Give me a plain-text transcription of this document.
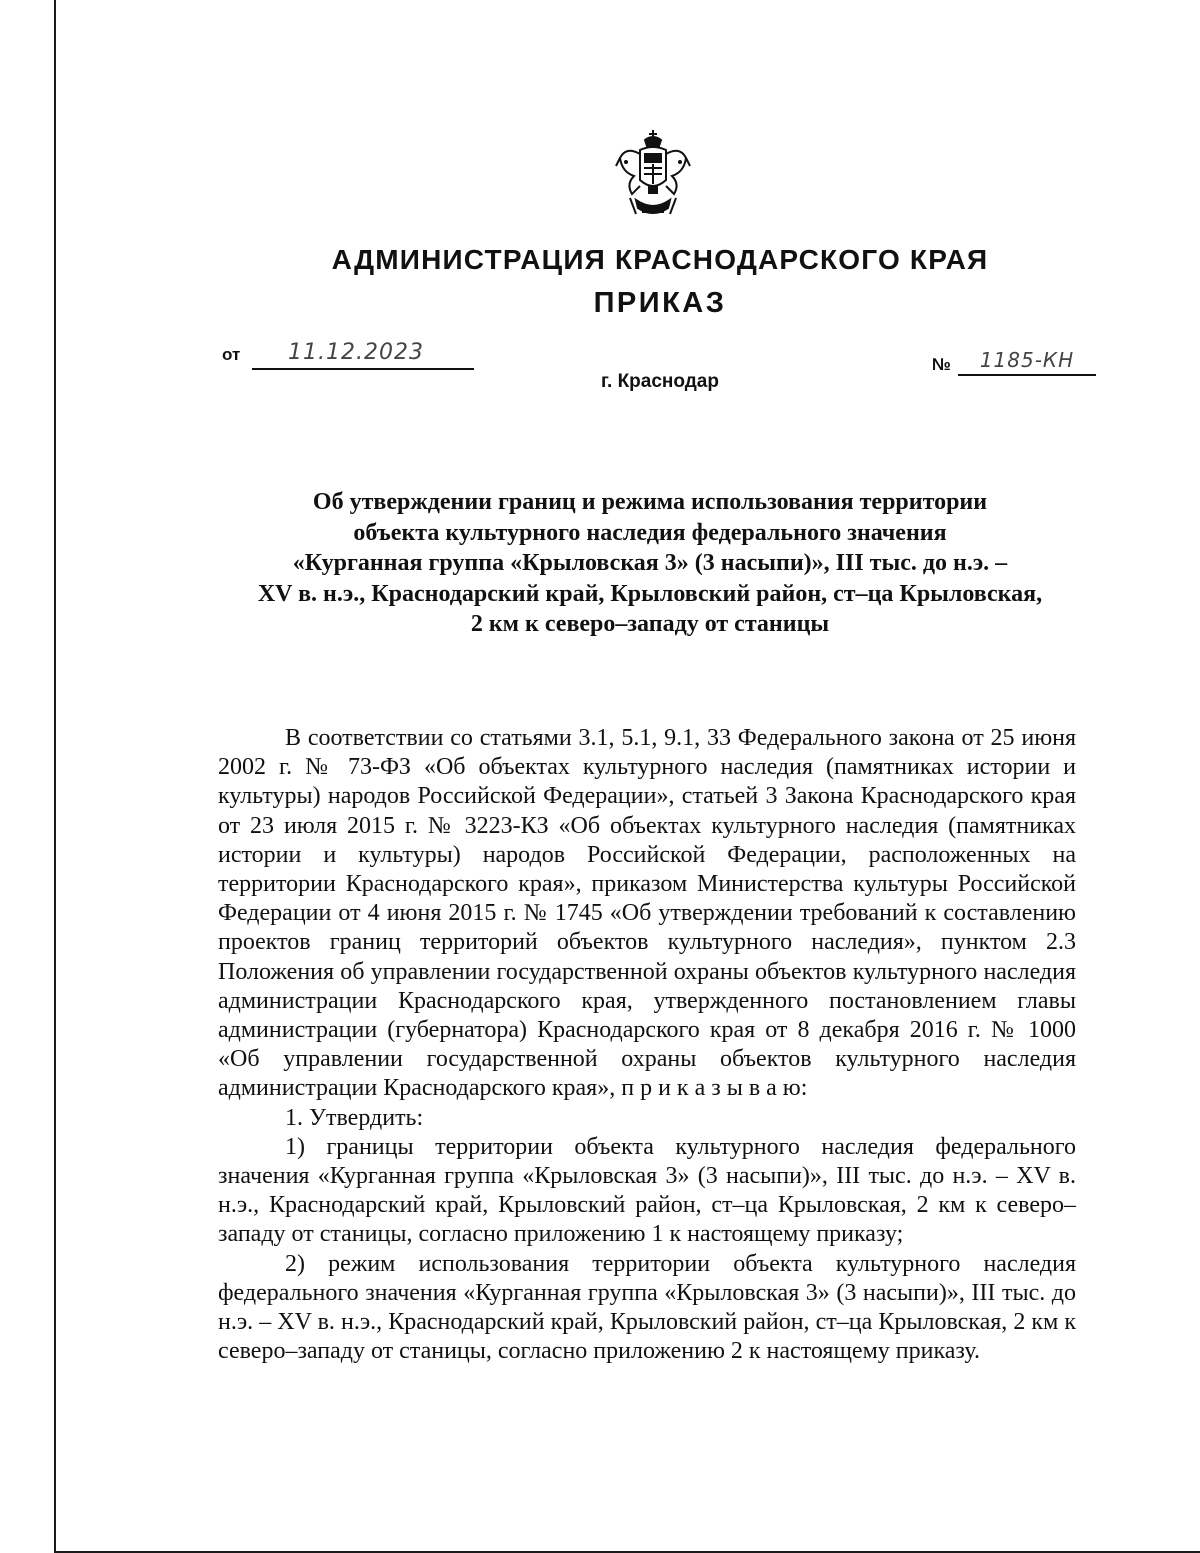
АДМИНИСТРАЦИЯ КРАСНОДАРСКОГО КРАЯ
ПРИКАЗ
от	11.12.2023	№	1185-КН
г. Краснодар
Об утверждении границ и режима использования территории
объекта культурного наследия федерального значения
«Курганная группа «Крыловская 3» (3 насыпи)», III тыс. до н.э. –
XV в. н.э., Краснодарский край, Крыловский район, ст–ца Крыловская,
2 км к северо–западу от станицы

В соответствии со статьями 3.1, 5.1, 9.1, 33 Федерального закона от 25 июня 2002 г. № 73-ФЗ «Об объектах культурного наследия (памятниках истории и культуры) народов Российской Федерации», статьей 3 Закона Краснодарского края от 23 июля 2015 г. № 3223-КЗ «Об объектах культурного наследия (памятниках истории и культуры) народов Российской Федерации, расположенных на территории Краснодарского края», приказом Министерства культуры Российской Федерации от 4 июня 2015 г. № 1745 «Об утверждении требований к составлению проектов границ территорий объектов культурного наследия», пунктом 2.3 Положения об управлении государственной охраны объектов культурного наследия администрации Краснодарского края, утвержденного постановлением главы администрации (губернатора) Краснодарского края от 8 декабря 2016 г. № 1000 «Об управлении государственной охраны объектов культурного наследия администрации Краснодарского края», п р и к а з ы в а ю:

1. Утвердить:

1) границы территории объекта культурного наследия федерального значения «Курганная группа «Крыловская 3» (3 насыпи)», III тыс. до н.э. – XV в. н.э., Краснодарский край, Крыловский район, ст–ца Крыловская, 2 км к северо–западу от станицы, согласно приложению 1 к настоящему приказу;

2) режим использования территории объекта культурного наследия федерального значения «Курганная группа «Крыловская 3» (3 насыпи)», III тыс. до н.э. – XV в. н.э., Краснодарский край, Крыловский район, ст–ца Крыловская, 2 км к северо–западу от станицы, согласно приложению 2 к настоящему приказу.
